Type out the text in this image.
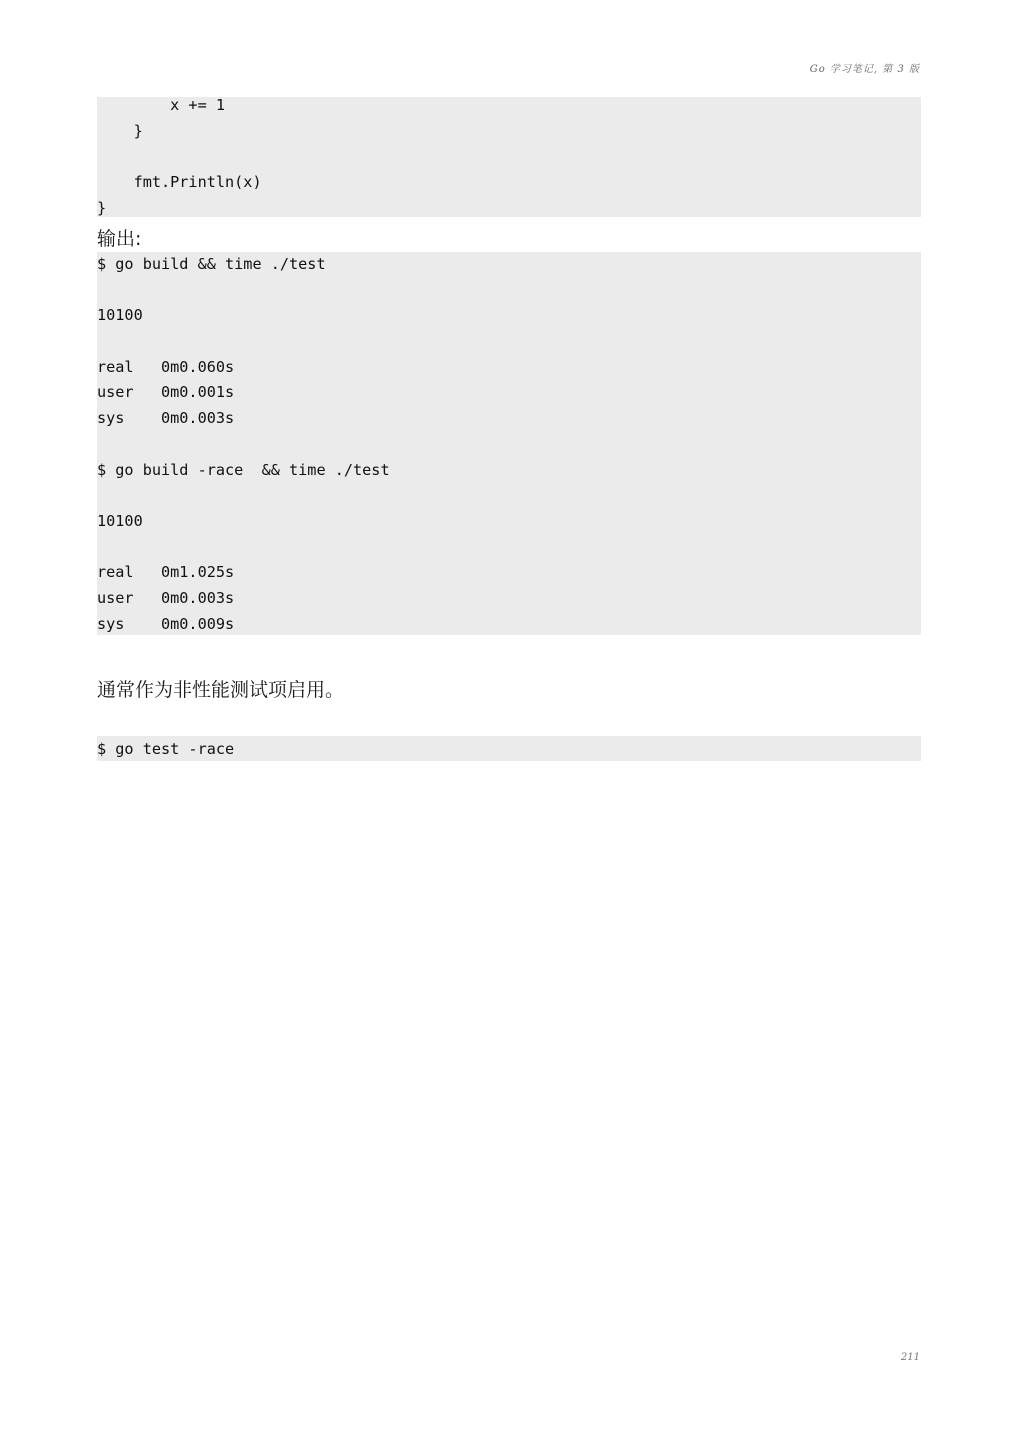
Go 学习笔记, 第 3 版
x += 1
}
fmt.Println(x)
}
输出:
$ go build && time ./test
10100
real   0m0.060s
user   0m0.001s
sys    0m0.003s
$ go build -race  && time ./test
10100
real   0m1.025s
user   0m0.003s
sys    0m0.009s
通常作为非性能测试项启用。
$ go test -race
211
